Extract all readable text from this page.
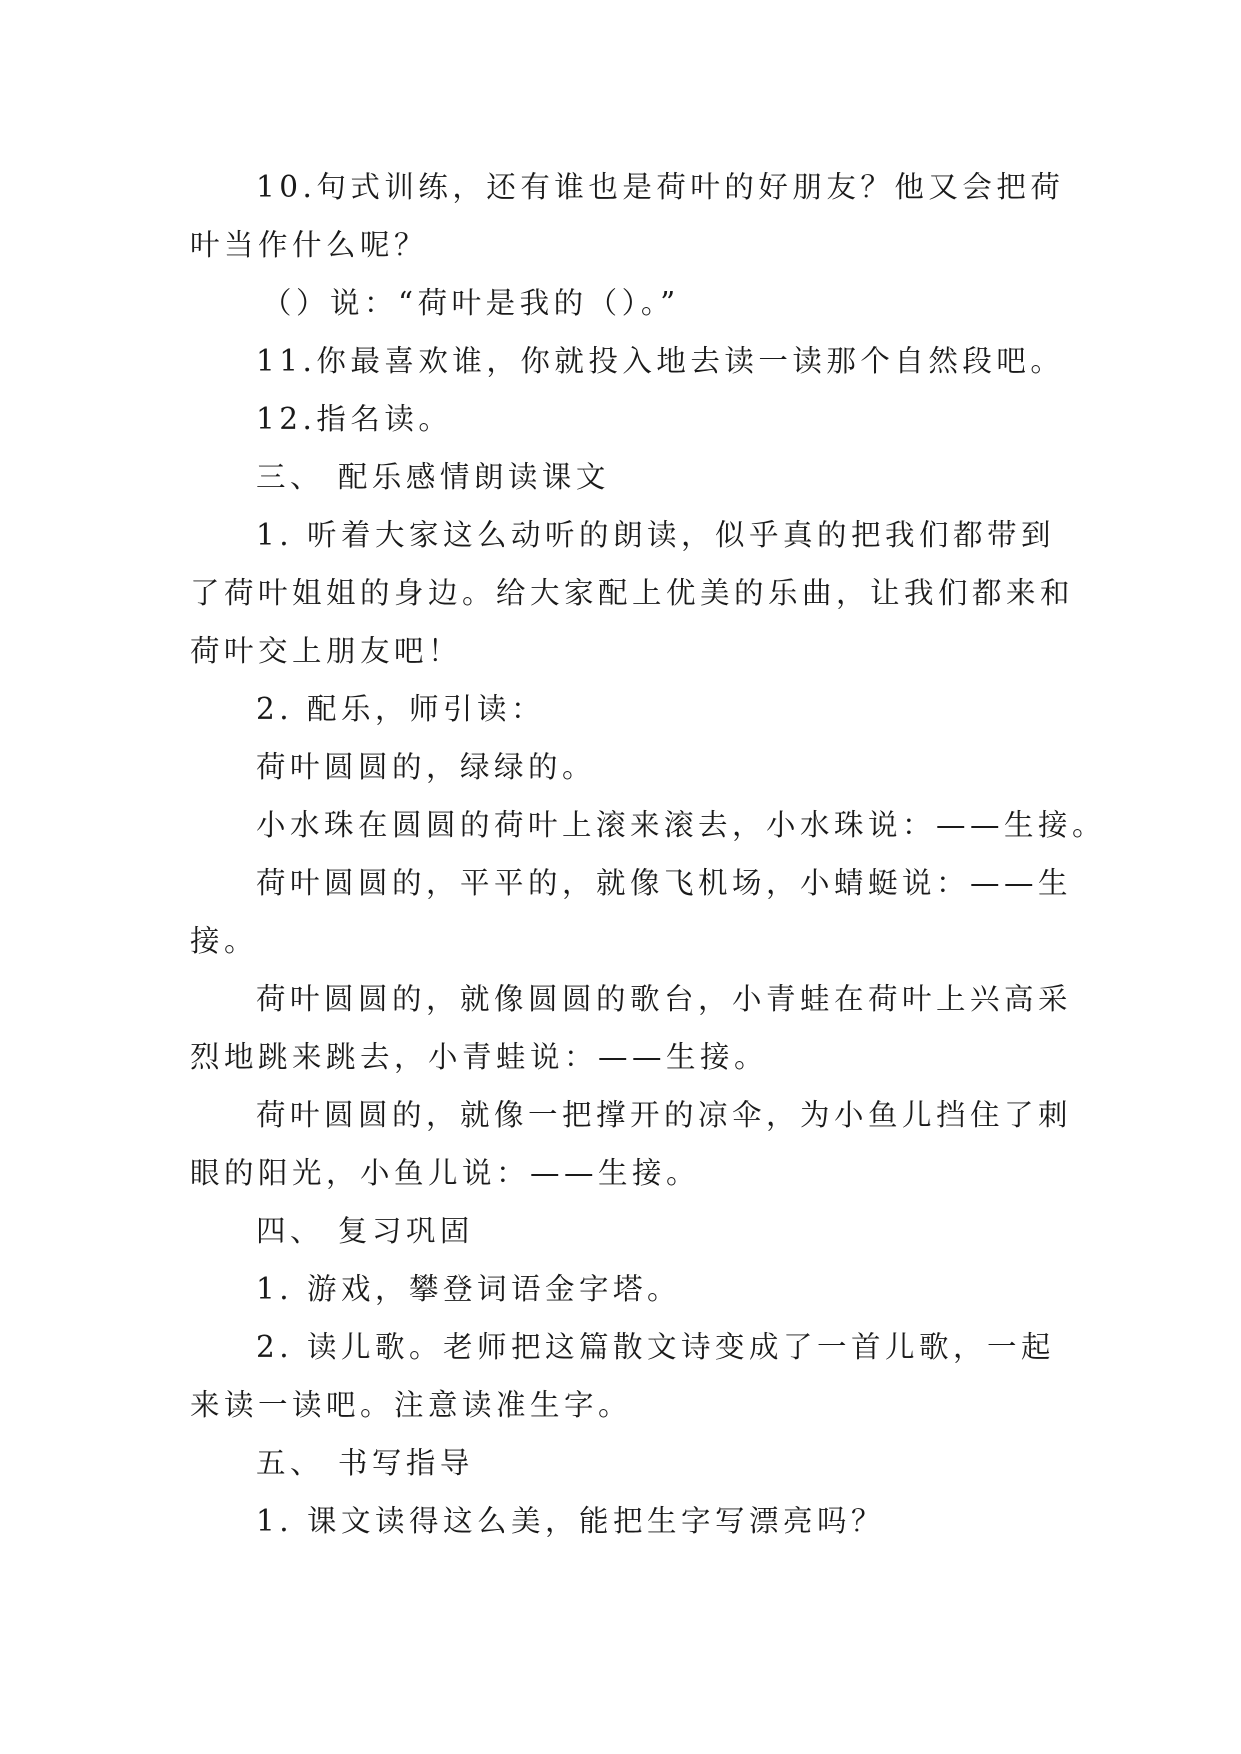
10.句式训练，还有谁也是荷叶的好朋友？他又会把荷
叶当作什么呢？
（）说：“荷叶是我的（）。”
11.你最喜欢谁，你就投入地去读一读那个自然段吧。
12.指名读。
三、 配乐感情朗读课文
1. 听着大家这么动听的朗读，似乎真的把我们都带到
了荷叶姐姐的身边。给大家配上优美的乐曲，让我们都来和
荷叶交上朋友吧！
2. 配乐，师引读：
荷叶圆圆的，绿绿的。
小水珠在圆圆的荷叶上滚来滚去，小水珠说：——生接。
荷叶圆圆的，平平的，就像飞机场，小蜻蜓说：——生
接。
荷叶圆圆的，就像圆圆的歌台，小青蛙在荷叶上兴高采
烈地跳来跳去，小青蛙说：——生接。
荷叶圆圆的，就像一把撑开的凉伞，为小鱼儿挡住了刺
眼的阳光，小鱼儿说：——生接。
四、 复习巩固
1. 游戏，攀登词语金字塔。
2. 读儿歌。老师把这篇散文诗变成了一首儿歌，一起
来读一读吧。注意读准生字。
五、 书写指导
1. 课文读得这么美，能把生字写漂亮吗？
